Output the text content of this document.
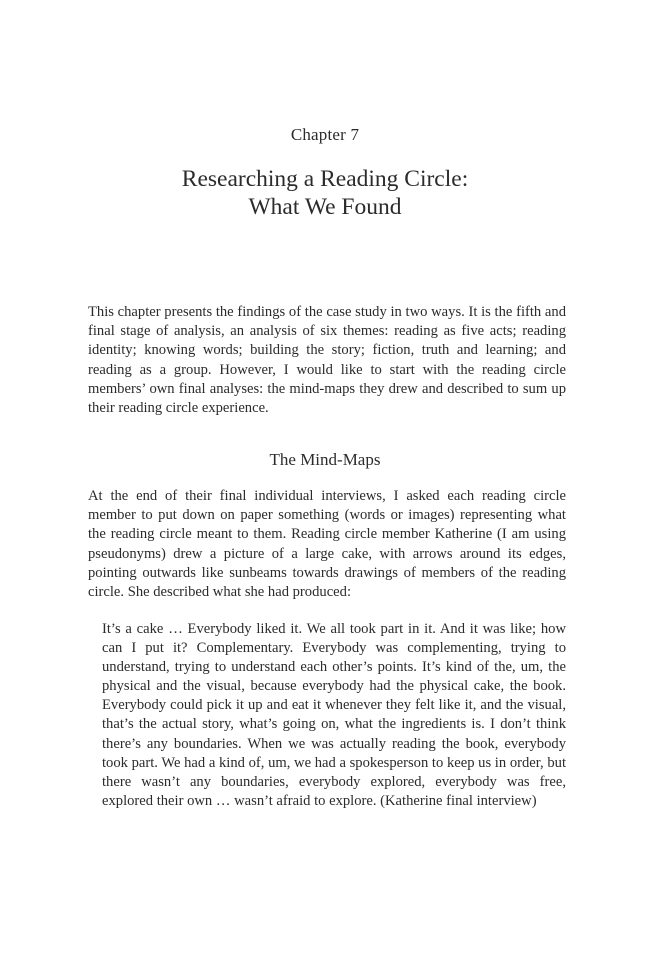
Chapter 7
Researching a Reading Circle:
What We Found

This chapter presents the findings of the case study in two ways. It is the fifth and final stage of analysis, an analysis of six themes: reading as five acts; reading identity; knowing words; building the story; fiction, truth and learning; and reading as a group. However, I would like to start with the reading circle members’ own final analyses: the mind-maps they drew and described to sum up their reading circle experience.

The Mind-Maps

At the end of their final individual interviews, I asked each reading circle member to put down on paper something (words or images) representing what the reading circle meant to them. Reading circle member Katherine (I am using pseudonyms) drew a picture of a large cake, with arrows around its edges, pointing outwards like sunbeams towards drawings of members of the reading circle. She described what she had produced:

It’s a cake … Everybody liked it. We all took part in it. And it was like; how can I put it? Complementary. Everybody was complementing, trying to understand, trying to understand each other’s points. It’s kind of the, um, the physical and the visual, because everybody had the physical cake, the book. Everybody could pick it up and eat it whenever they felt like it, and the visual, that’s the actual story, what’s going on, what the ingredients is. I don’t think there’s any boundaries. When we was actually reading the book, everybody took part. We had a kind of, um, we had a spokesperson to keep us in order, but there wasn’t any boundaries, everybody explored, everybody was free, explored their own … wasn’t afraid to explore. (Katherine final interview)
